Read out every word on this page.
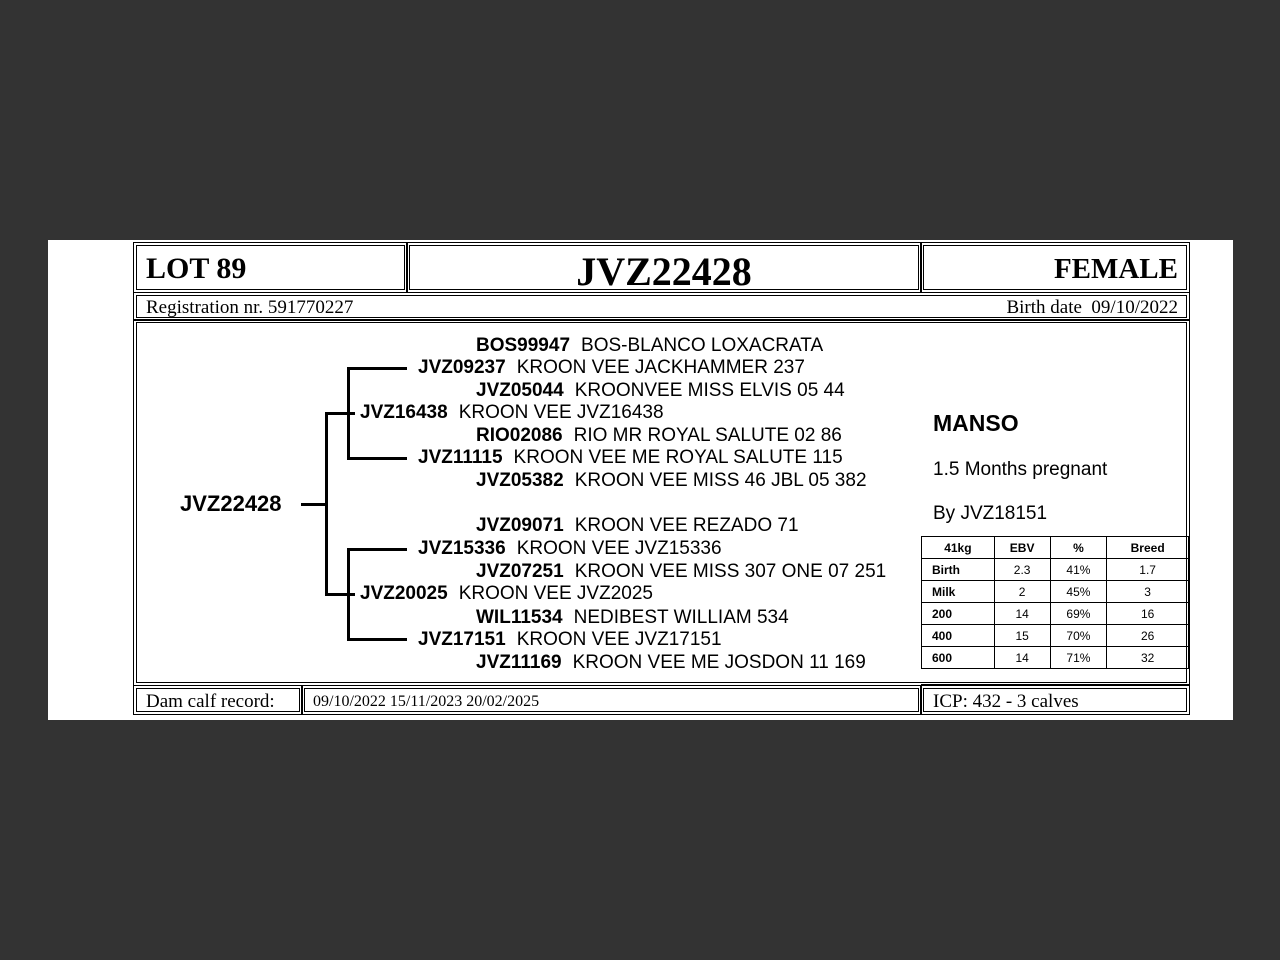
LOT 89	JVZ22428	FEMALE
Registration nr. 591770227	Birth date  09/10/2022
JVZ22428
BOS99947 BOS-BLANCO LOXACRATA
JVZ09237 KROON VEE JACKHAMMER 237
JVZ05044 KROONVEE MISS ELVIS 05 44
JVZ16438 KROON VEE JVZ16438
RIO02086 RIO MR ROYAL SALUTE 02 86
JVZ11115 KROON VEE ME ROYAL SALUTE 115
JVZ05382 KROON VEE MISS 46 JBL 05 382
JVZ09071 KROON VEE REZADO 71
JVZ15336 KROON VEE JVZ15336
JVZ07251 KROON VEE MISS 307 ONE 07 251
JVZ20025 KROON VEE JVZ2025
WIL11534 NEDIBEST WILLIAM 534
JVZ17151 KROON VEE JVZ17151
JVZ11169 KROON VEE ME JOSDON 11 169
MANSO
1.5 Months pregnant
By JVZ18151
41kg	EBV	%	Breed
Birth	2.3	41%	1.7
Milk	2	45%	3
200	14	69%	16
400	15	70%	26
600	14	71%	32
Dam calf record: 09/10/2022 15/11/2023 20/02/2025	ICP: 432 - 3 calves
